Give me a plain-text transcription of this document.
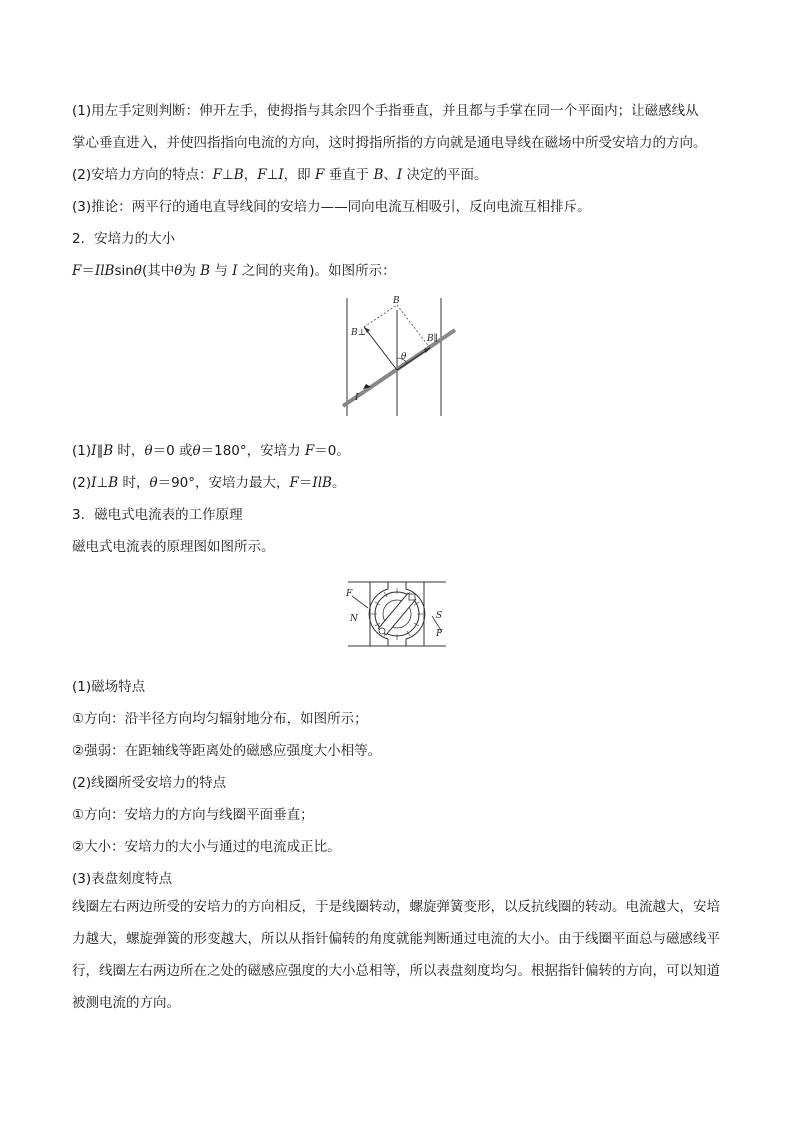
(1)用左手定则判断：伸开左手，使拇指与其余四个手指垂直，并且都与手掌在同一个平面内；让磁感线从
掌心垂直进入，并使四指指向电流的方向，这时拇指所指的方向就是通电导线在磁场中所受安培力的方向。
(2)安培力方向的特点：F⊥B，F⊥I，即 F 垂直于 B、I 决定的平面。
(3)推论：两平行的通电直导线间的安培力——同向电流互相吸引，反向电流互相排斥。
2．安培力的大小
F＝IlBsinθ(其中θ为 B 与 I 之间的夹角)。如图所示：
B
B⊥
B∥
θ
I
(1)I∥B 时，θ＝0 或θ＝180°，安培力 F＝0。
(2)I⊥B 时，θ＝90°，安培力最大，F＝IlB。
3．磁电式电流表的工作原理
磁电式电流表的原理图如图所示。
F
N	S
F
(1)磁场特点
①方向：沿半径方向均匀辐射地分布，如图所示；
②强弱：在距轴线等距离处的磁感应强度大小相等。
(2)线圈所受安培力的特点
①方向：安培力的方向与线圈平面垂直；
②大小：安培力的大小与通过的电流成正比。
(3)表盘刻度特点
线圈左右两边所受的安培力的方向相反，于是线圈转动，螺旋弹簧变形，以反抗线圈的转动。电流越大，安培力越大，螺旋弹簧的形变越大，所以从指针偏转的角度就能判断通过电流的大小。由于线圈平面总与磁感线平行，线圈左右两边所在之处的磁感应强度的大小总相等，所以表盘刻度均匀。根据指针偏转的方向，可以知道被测电流的方向。
